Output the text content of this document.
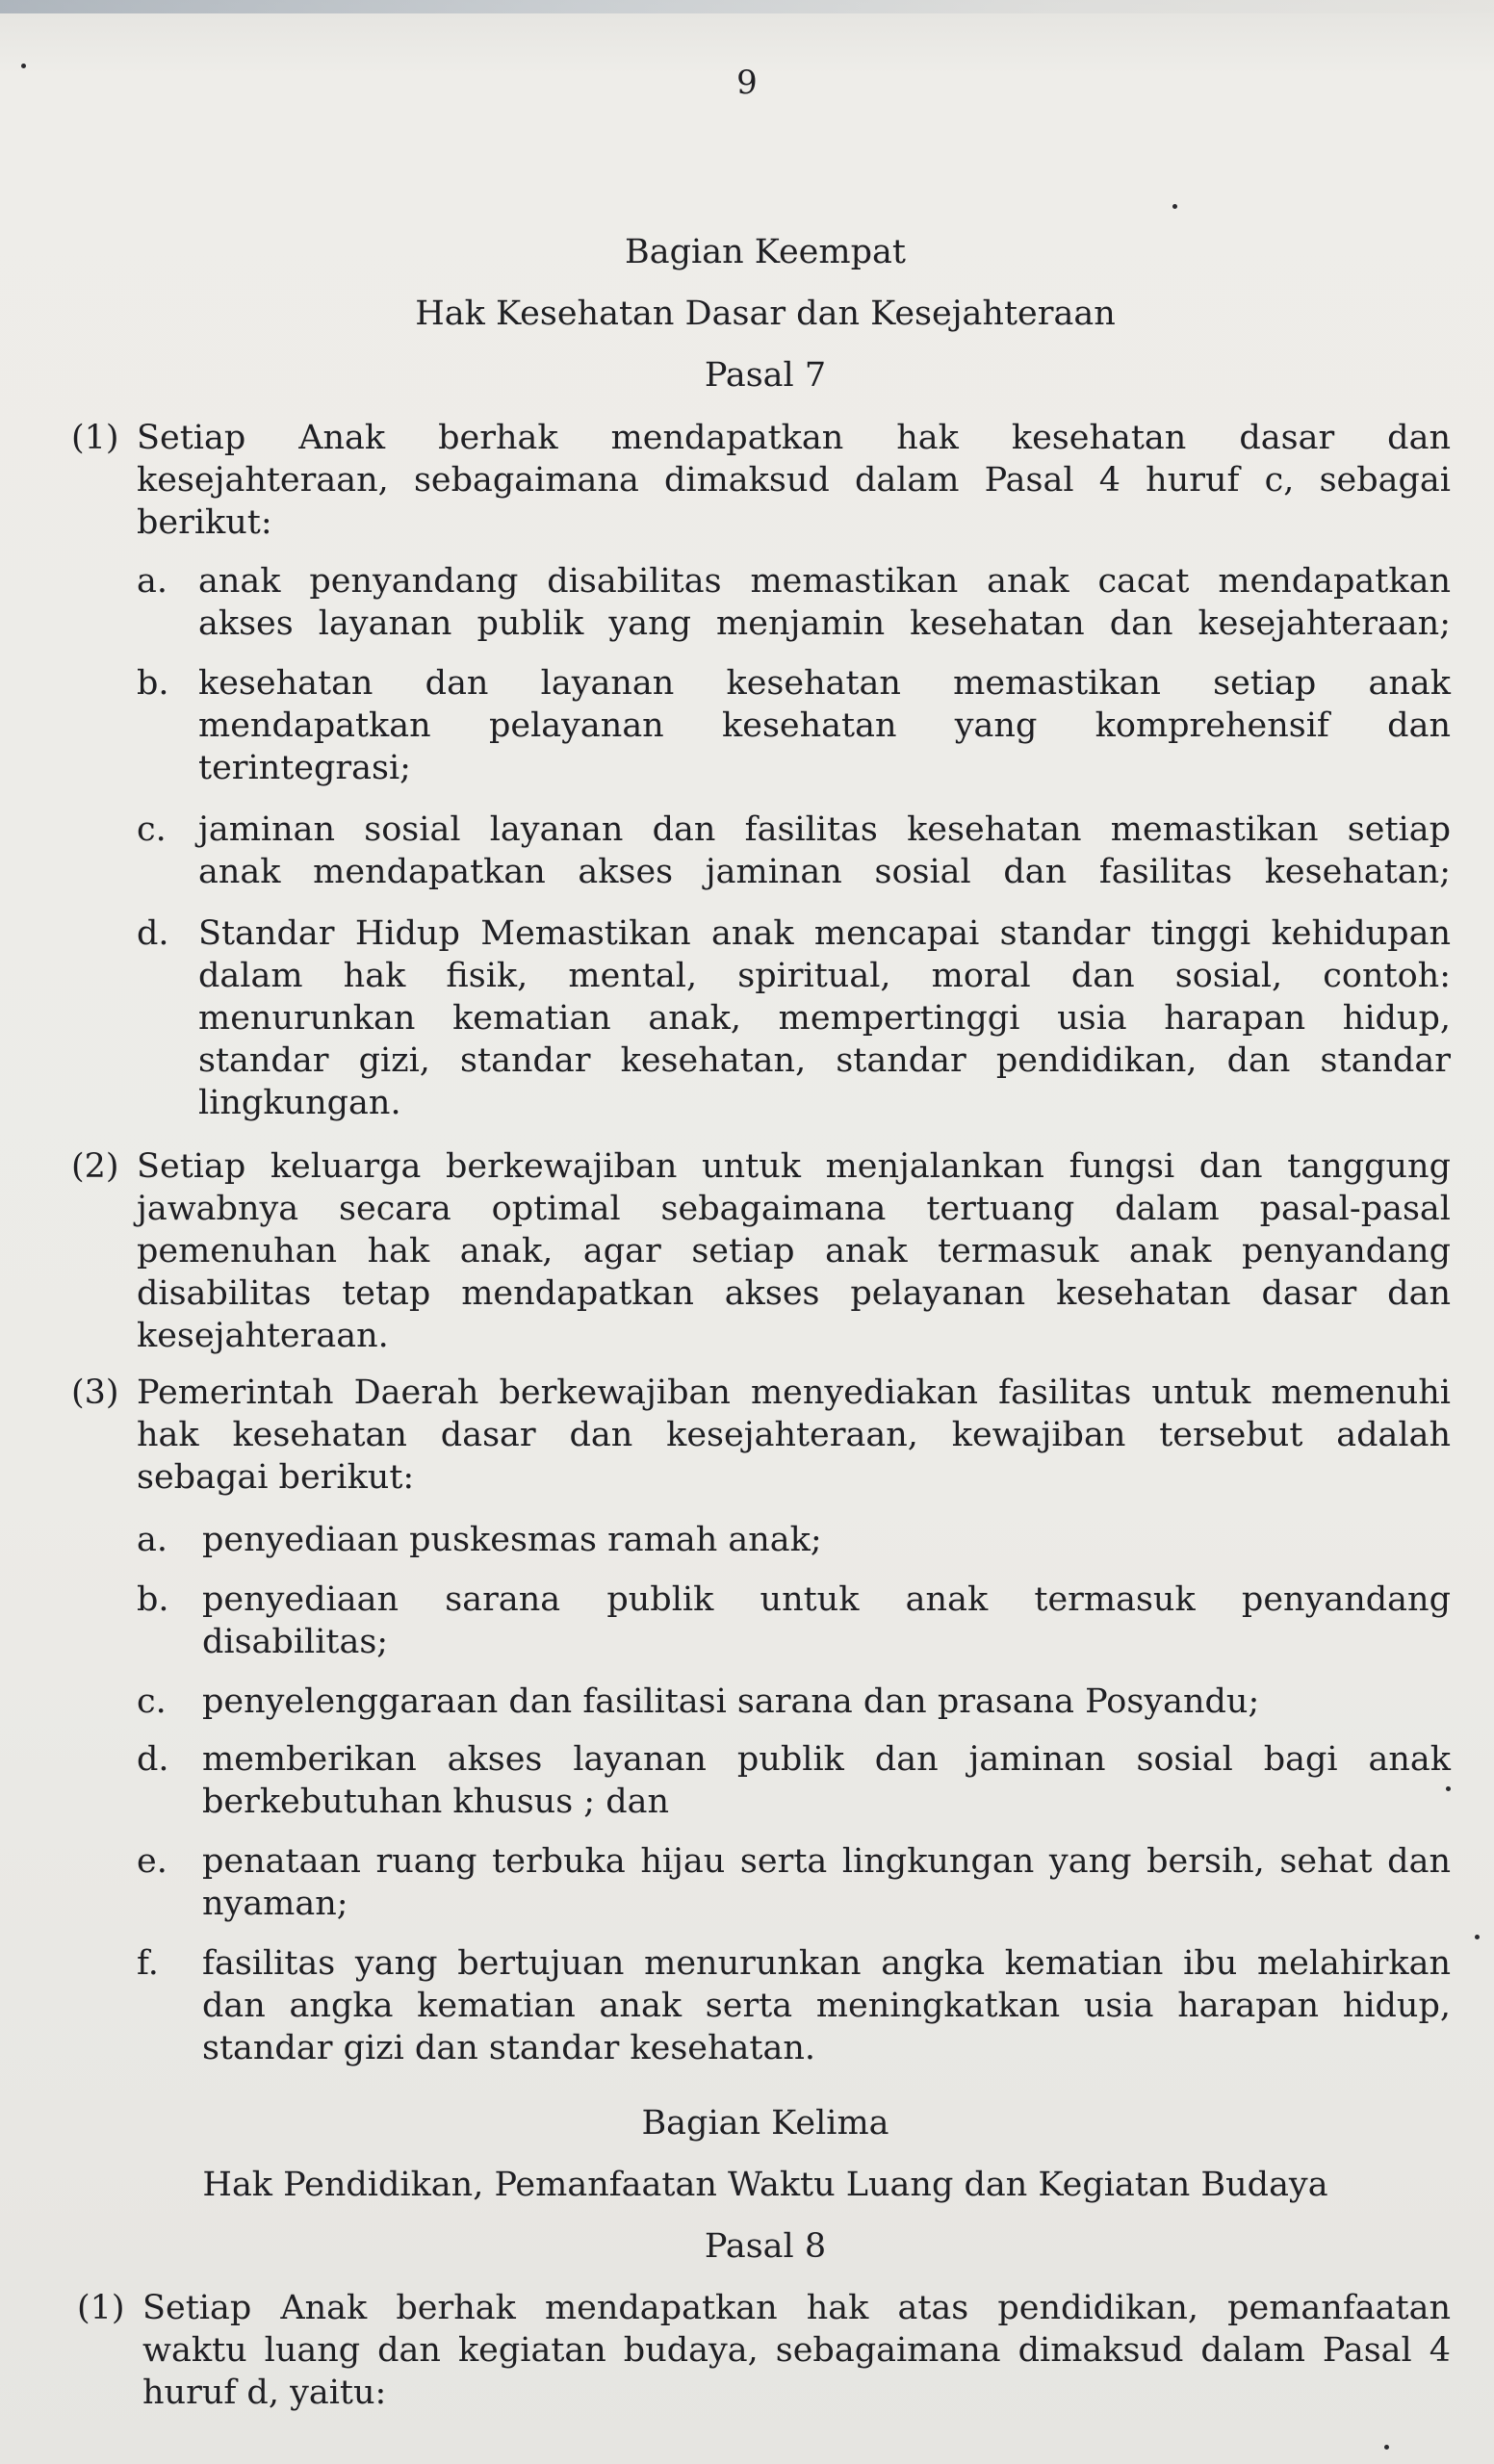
9
Bagian Keempat
Hak Kesehatan Dasar dan Kesejahteraan
Pasal 7
(1) Setiap Anak berhak mendapatkan hak kesehatan dasar dan
kesejahteraan, sebagaimana dimaksud dalam Pasal 4 huruf c, sebagai
berikut:
a. anak penyandang disabilitas memastikan anak cacat mendapatkan
akses layanan publik yang menjamin kesehatan dan kesejahteraan;
b. kesehatan dan layanan kesehatan memastikan setiap anak
mendapatkan pelayanan kesehatan yang komprehensif dan
terintegrasi;
c. jaminan sosial layanan dan fasilitas kesehatan memastikan setiap
anak mendapatkan akses jaminan sosial dan fasilitas kesehatan;
d. Standar Hidup Memastikan anak mencapai standar tinggi kehidupan
dalam hak fisik, mental, spiritual, moral dan sosial, contoh:
menurunkan kematian anak, mempertinggi usia harapan hidup,
standar gizi, standar kesehatan, standar pendidikan, dan standar
lingkungan.
(2) Setiap keluarga berkewajiban untuk menjalankan fungsi dan tanggung
jawabnya secara optimal sebagaimana tertuang dalam pasal-pasal
pemenuhan hak anak, agar setiap anak termasuk anak penyandang
disabilitas tetap mendapatkan akses pelayanan kesehatan dasar dan
kesejahteraan.
(3) Pemerintah Daerah berkewajiban menyediakan fasilitas untuk memenuhi
hak kesehatan dasar dan kesejahteraan, kewajiban tersebut adalah
sebagai berikut:
a. penyediaan puskesmas ramah anak;
b. penyediaan sarana publik untuk anak termasuk penyandang
disabilitas;
c. penyelenggaraan dan fasilitasi sarana dan prasana Posyandu;
d. memberikan akses layanan publik dan jaminan sosial bagi anak
berkebutuhan khusus ; dan
e. penataan ruang terbuka hijau serta lingkungan yang bersih, sehat dan
nyaman;
f. fasilitas yang bertujuan menurunkan angka kematian ibu melahirkan
dan angka kematian anak serta meningkatkan usia harapan hidup,
standar gizi dan standar kesehatan.
Bagian Kelima
Hak Pendidikan, Pemanfaatan Waktu Luang dan Kegiatan Budaya
Pasal 8
(1) Setiap Anak berhak mendapatkan hak atas pendidikan, pemanfaatan
waktu luang dan kegiatan budaya, sebagaimana dimaksud dalam Pasal 4
huruf d, yaitu:
